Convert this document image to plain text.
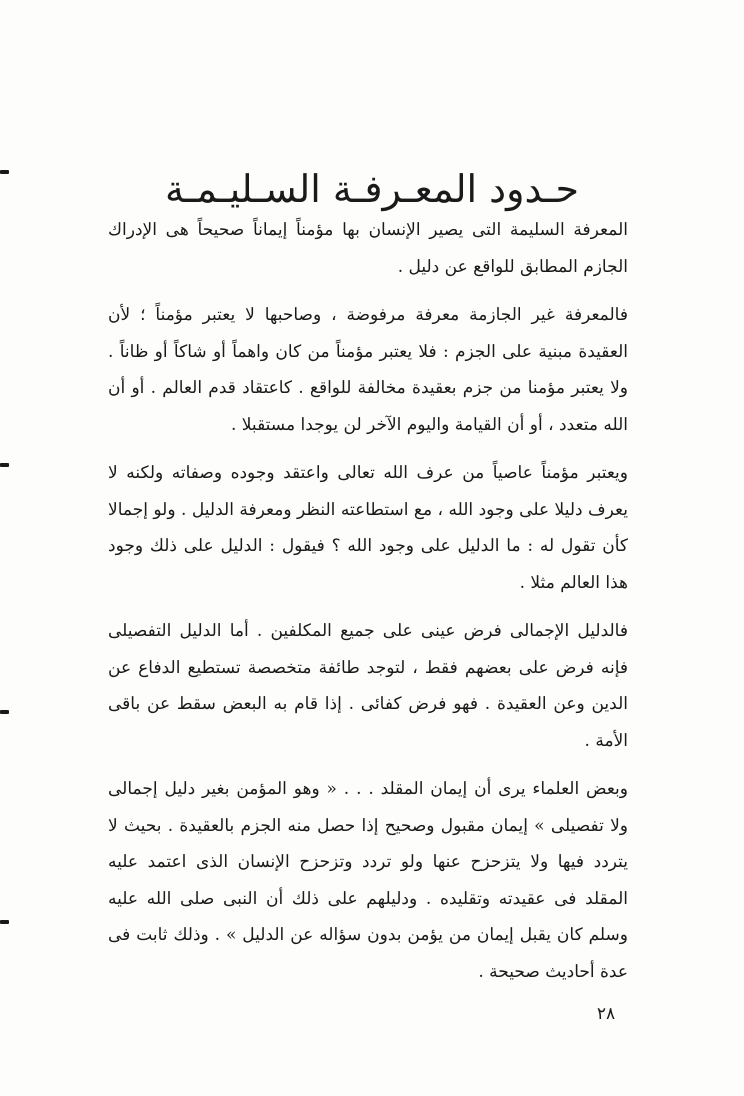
حـدود المعـرفـة السـليـمـة

المعرفة السليمة التى يصير الإنسان بها مؤمناً إيماناً صحيحاً هى الإدراك الجازم المطابق للواقع عن دليل .

فالمعرفة غير الجازمة معرفة مرفوضة ، وصاحبها لا يعتبر مؤمناً ؛ لأن العقيدة مبنية على الجزم : فلا يعتبر مؤمناً من كان واهماً أو شاكاً أو ظاناً . ولا يعتبر مؤمنا من جزم بعقيدة مخالفة للواقع . كاعتقاد قدم العالم . أو أن الله متعدد ، أو أن القيامة واليوم الآخر لن يوجدا مستقبلا .

ويعتبر مؤمناً عاصياً من عرف الله تعالى واعتقد وجوده وصفاته ولكنه لا يعرف دليلا على وجود الله ، مع استطاعته النظر ومعرفة الدليل . ولو إجمالا كأن تقول له : ما الدليل على وجود الله ؟ فيقول : الدليل على ذلك وجود هذا العالم مثلا .

فالدليل الإجمالى فرض عينى على جميع المكلفين . أما الدليل التفصيلى فإنه فرض على بعضهم فقط ، لتوجد طائفة متخصصة تستطيع الدفاع عن الدين وعن العقيدة . فهو فرض كفائى . إذا قام به البعض سقط عن باقى الأمة .

وبعض العلماء يرى أن إيمان المقلد . . . « وهو المؤمن بغير دليل إجمالى ولا تفصيلى » إيمان مقبول وصحيح إذا حصل منه الجزم بالعقيدة . بحيث لا يتردد فيها ولا يتزحزح عنها ولو تردد وتزحزح الإنسان الذى اعتمد عليه المقلد فى عقيدته وتقليده . ودليلهم على ذلك أن النبى صلى الله عليه وسلم كان يقبل إيمان من يؤمن بدون سؤاله عن الدليل » . وذلك ثابت فى عدة أحاديث صحيحة .

٢٨
